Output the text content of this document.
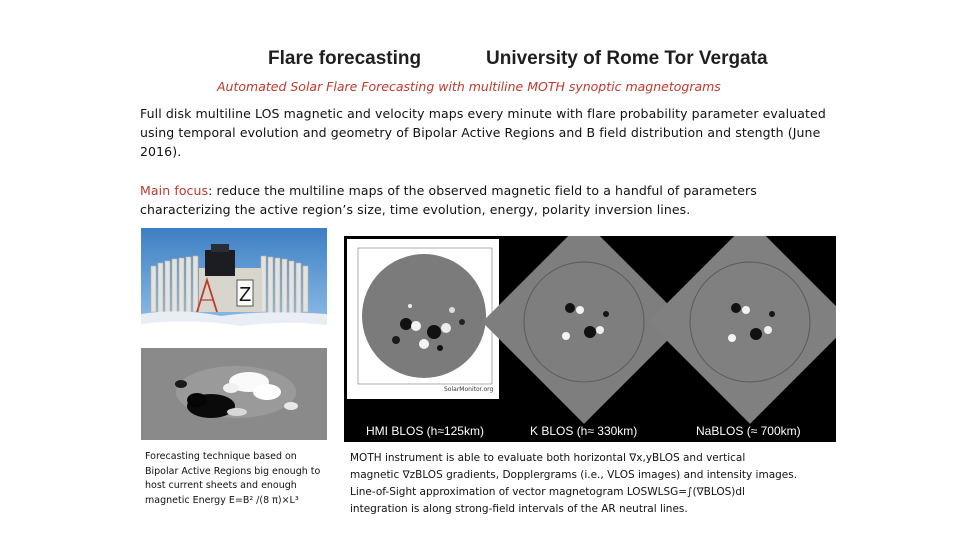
Flare forecasting	University of Rome Tor Vergata
Automated Solar Flare Forecasting with multiline MOTH synoptic magnetograms
Full disk multiline LOS magnetic and velocity maps every minute with flare probability parameter evaluated using temporal evolution and geometry of Bipolar Active Regions and B field distribution and stength (June 2016).
Main focus: reduce the multiline maps of the observed magnetic field to a handful of parameters characterizing the active region’s size, time evolution, energy, polarity inversion lines.
Z
SolarMonitor.org
HMI BLOS (h≈125km)	K BLOS (h≈ 330km)	NaBLOS (≈ 700km)
Forecasting technique based on Bipolar Active Regions big enough to host current sheets and enough magnetic Energy E=B² /(8 π)×L³
MOTH instrument is able to evaluate both horizontal ∇x,yBLOS and vertical
magnetic ∇zBLOS gradients, Dopplergrams (i.e., VLOS images) and intensity images.
Line-of-Sight approximation of vector magnetogram LOSWLSG=∫(∇BLOS)dl
integration is along strong-field intervals of the AR neutral lines.
